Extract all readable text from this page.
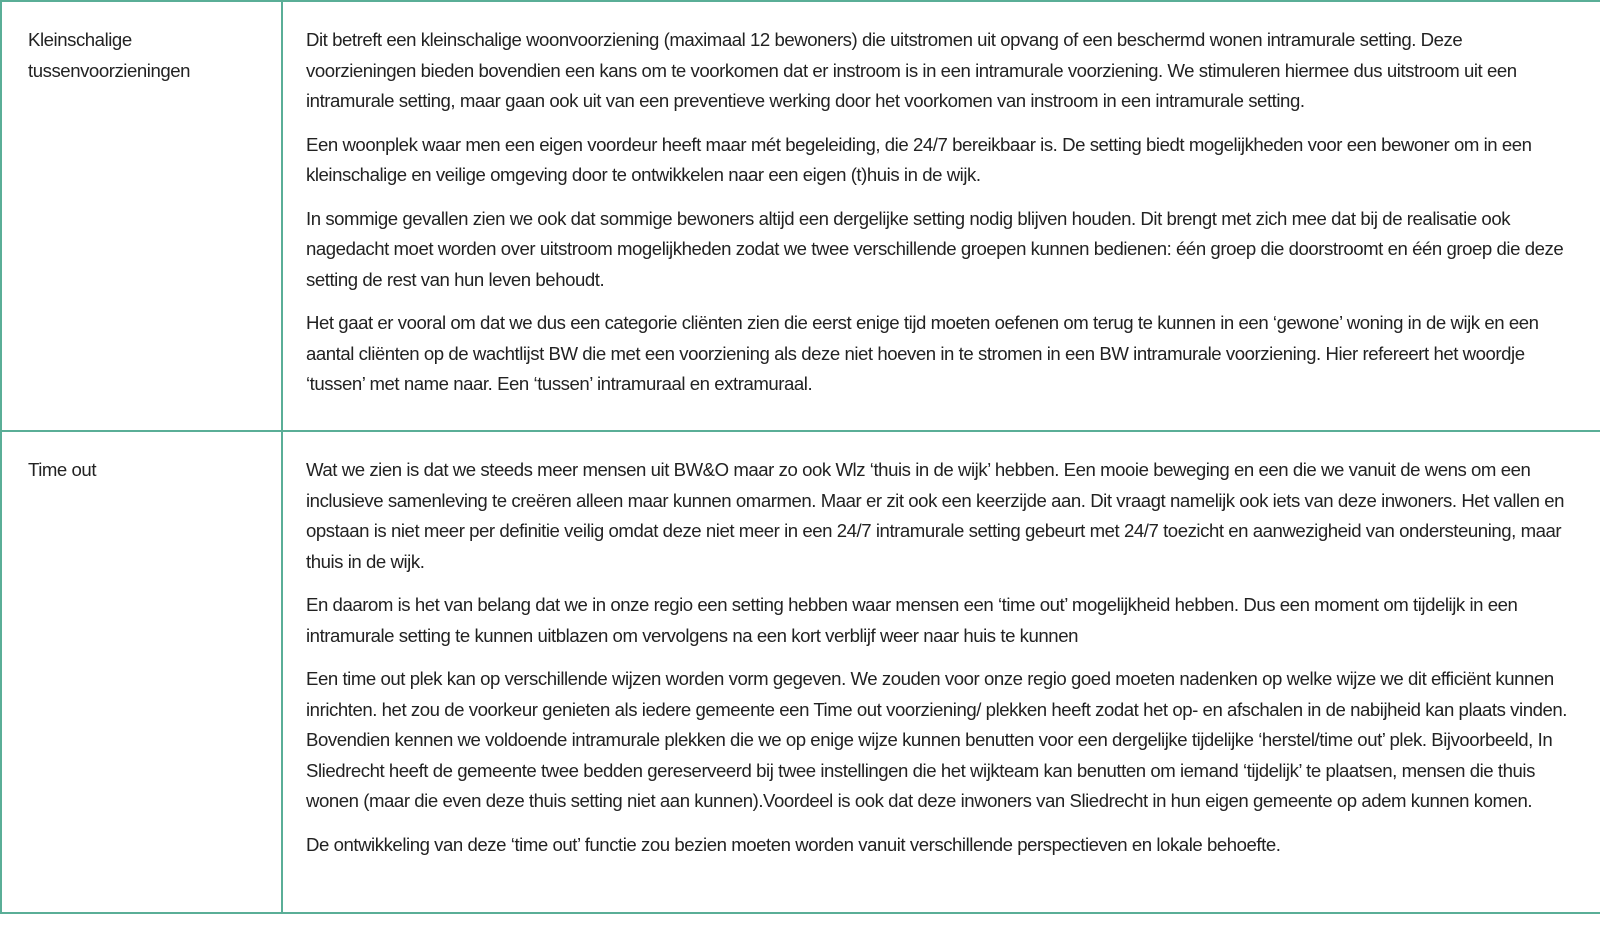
Kleinschalige tussenvoorzieningen	Dit betreft een kleinschalige woonvoorziening (maximaal 12 bewoners) die uitstromen uit opvang of een beschermd wonen intramurale setting. Deze voorzieningen bieden bovendien een kans om te voorkomen dat er instroom is in een intramurale voorziening. We stimuleren hiermee dus uitstroom uit een intramurale setting, maar gaan ook uit van een preventieve werking door het voorkomen van instroom in een intramurale setting.

Een woonplek waar men een eigen voordeur heeft maar mét begeleiding, die 24/7 bereikbaar is. De setting biedt mogelijkheden voor een bewoner om in een kleinschalige en veilige omgeving door te ontwikkelen naar een eigen (t)huis in de wijk.

In sommige gevallen zien we ook dat sommige bewoners altijd een dergelijke setting nodig blijven houden. Dit brengt met zich mee dat bij de realisatie ook nagedacht moet worden over uitstroom mogelijkheden zodat we twee verschillende groepen kunnen bedienen: één groep die doorstroomt en één groep die deze setting de rest van hun leven behoudt.

Het gaat er vooral om dat we dus een categorie cliënten zien die eerst enige tijd moeten oefenen om terug te kunnen in een ‘gewone’ woning in de wijk en een aantal cliënten op de wachtlijst BW die met een voorziening als deze niet hoeven in te stromen in een BW intramurale voorziening. Hier refereert het woordje ‘tussen’ met name naar. Een ‘tussen’ intramuraal en extramuraal.

Time out	Wat we zien is dat we steeds meer mensen uit BW&O maar zo ook Wlz ‘thuis in de wijk’ hebben. Een mooie beweging en een die we vanuit de wens om een inclusieve samenleving te creëren alleen maar kunnen omarmen. Maar er zit ook een keerzijde aan. Dit vraagt namelijk ook iets van deze inwoners. Het vallen en opstaan is niet meer per definitie veilig omdat deze niet meer in een 24/7 intramurale setting gebeurt met 24/7 toezicht en aanwezigheid van ondersteuning, maar thuis in de wijk.

En daarom is het van belang dat we in onze regio een setting hebben waar mensen een ‘time out’ mogelijkheid hebben. Dus een moment om tijdelijk in een intramurale setting te kunnen uitblazen om vervolgens na een kort verblijf weer naar huis te kunnen

Een time out plek kan op verschillende wijzen worden vorm gegeven. We zouden voor onze regio goed moeten nadenken op welke wijze we dit efficiënt kunnen inrichten. het zou de voorkeur genieten als iedere gemeente een Time out voorziening/ plekken heeft zodat het op- en afschalen in de nabijheid kan plaats vinden. Bovendien kennen we voldoende intramurale plekken die we op enige wijze kunnen benutten voor een dergelijke tijdelijke ‘herstel/time out’ plek. Bijvoorbeeld, In Sliedrecht heeft de gemeente twee bedden gereserveerd bij twee instellingen die het wijkteam kan benutten om iemand ‘tijdelijk’ te plaatsen, mensen die thuis wonen (maar die even deze thuis setting niet aan kunnen).Voordeel is ook dat deze inwoners van Sliedrecht in hun eigen gemeente op adem kunnen komen.

De ontwikkeling van deze ‘time out’ functie zou bezien moeten worden vanuit verschillende perspectieven en lokale behoefte.
